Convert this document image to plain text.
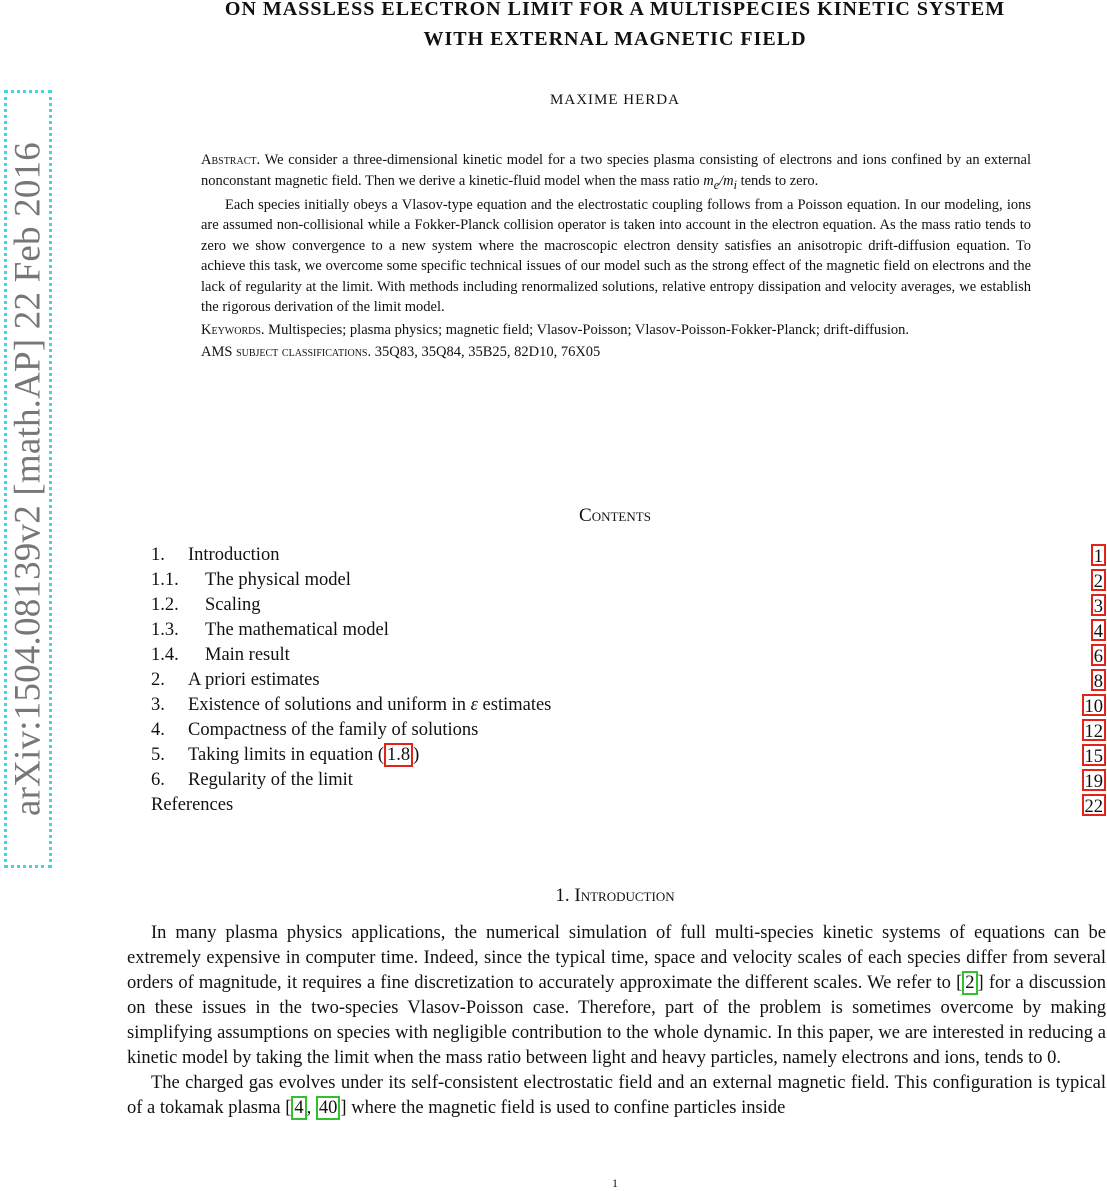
arXiv:1504.08139v2 [math.AP] 22 Feb 2016
ON MASSLESS ELECTRON LIMIT FOR A MULTISPECIES KINETIC SYSTEM
WITH EXTERNAL MAGNETIC FIELD
MAXIME HERDA

Abstract. We consider a three-dimensional kinetic model for a two species plasma consisting of electrons and ions confined by an external nonconstant magnetic field. Then we derive a kinetic-fluid model when the mass ratio $m_e/m_i$ tends to zero.

Each species initially obeys a Vlasov-type equation and the electrostatic coupling follows from a Poisson equation. In our modeling, ions are assumed non-collisional while a Fokker-Planck collision operator is taken into account in the electron equation. As the mass ratio tends to zero we show convergence to a new system where the macroscopic electron density satisfies an anisotropic drift-diffusion equation. To achieve this task, we overcome some specific technical issues of our model such as the strong effect of the magnetic field on electrons and the lack of regularity at the limit. With methods including renormalized solutions, relative entropy dissipation and velocity averages, we establish the rigorous derivation of the limit model.

Keywords. Multispecies; plasma physics; magnetic field; Vlasov-Poisson; Vlasov-Poisson-Fokker-Planck; drift-diffusion.

AMS subject classifications. 35Q83, 35Q84, 35B25, 82D10, 76X05

Contents
1. Introduction	1
1.1. The physical model	2
1.2. Scaling	3
1.3. The mathematical model	4
1.4. Main result	6
2. A priori estimates	8
3. Existence of solutions and uniform in ε estimates	10
4. Compactness of the family of solutions	12
5. Taking limits in equation ( 1.8 )	15
6. Regularity of the limit	19
References	22
1. Introduction

In many plasma physics applications, the numerical simulation of full multi-species kinetic systems of equations can be extremely expensive in computer time. Indeed, since the typical time, space and velocity scales of each species differ from several orders of magnitude, it requires a fine discretization to accurately approximate the different scales. We refer to [ 2 ] for a discussion on these issues in the two-species Vlasov-Poisson case. Therefore, part of the problem is sometimes overcome by making simplifying assumptions on species with negligible contribution to the whole dynamic. In this paper, we are interested in reducing a kinetic model by taking the limit when the mass ratio between light and heavy particles, namely electrons and ions, tends to 0.

The charged gas evolves under its self-consistent electrostatic field and an external magnetic field. This configuration is typical of a tokamak plasma [ 4 , 40 ] where the magnetic field is used to confine particles inside

1
